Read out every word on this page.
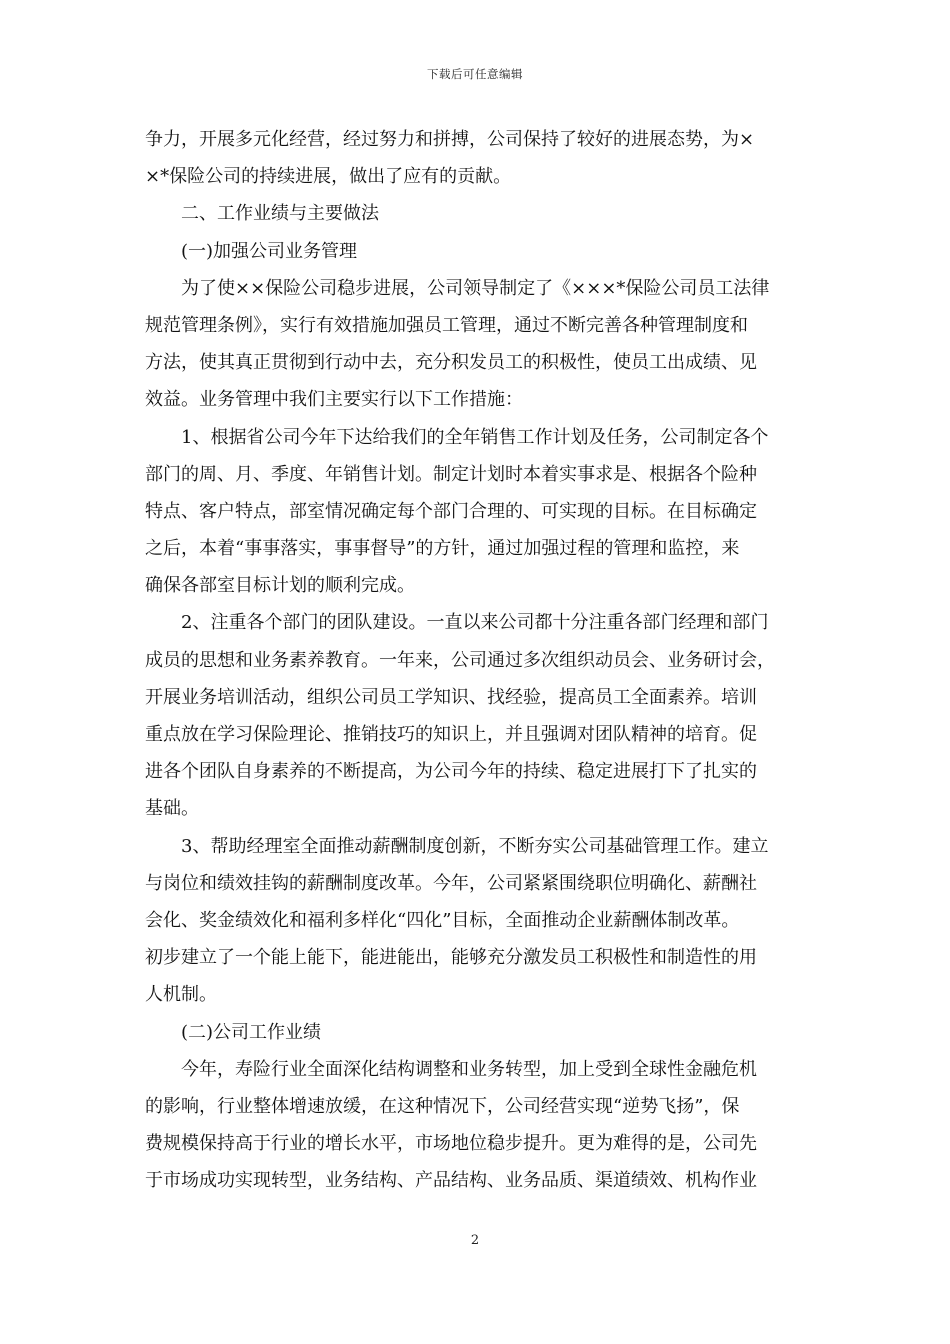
下载后可任意编辑
争力，开展多元化经营，经过努力和拼搏，公司保持了较好的进展态势，为×
×*保险公司的持续进展，做出了应有的贡献。
二、工作业绩与主要做法
(一)加强公司业务管理
为了使××保险公司稳步进展，公司领导制定了《×××*保险公司员工法律
规范管理条例》，实行有效措施加强员工管理，通过不断完善各种管理制度和
方法，使其真正贯彻到行动中去，充分积发员工的积极性，使员工出成绩、见
效益。业务管理中我们主要实行以下工作措施：
1、根据省公司今年下达给我们的全年销售工作计划及任务，公司制定各个
部门的周、月、季度、年销售计划。制定计划时本着实事求是、根据各个险种
特点、客户特点，部室情况确定每个部门合理的、可实现的目标。在目标确定
之后，本着“事事落实，事事督导”的方针，通过加强过程的管理和监控，来
确保各部室目标计划的顺利完成。
2、注重各个部门的团队建设。一直以来公司都十分注重各部门经理和部门
成员的思想和业务素养教育。一年来，公司通过多次组织动员会、业务研讨会，
开展业务培训活动，组织公司员工学知识、找经验，提高员工全面素养。培训
重点放在学习保险理论、推销技巧的知识上，并且强调对团队精神的培育。促
进各个团队自身素养的不断提高，为公司今年的持续、稳定进展打下了扎实的
基础。
3、帮助经理室全面推动薪酬制度创新，不断夯实公司基础管理工作。建立
与岗位和绩效挂钩的薪酬制度改革。今年，公司紧紧围绕职位明确化、薪酬社
会化、奖金绩效化和福利多样化“四化”目标，全面推动企业薪酬体制改革。
初步建立了一个能上能下，能进能出，能够充分激发员工积极性和制造性的用
人机制。
(二)公司工作业绩
今年，寿险行业全面深化结构调整和业务转型，加上受到全球性金融危机
的影响，行业整体增速放缓，在这种情况下，公司经营实现“逆势飞扬”，保
费规模保持高于行业的增长水平，市场地位稳步提升。更为难得的是，公司先
于市场成功实现转型，业务结构、产品结构、业务品质、渠道绩效、机构作业
2
